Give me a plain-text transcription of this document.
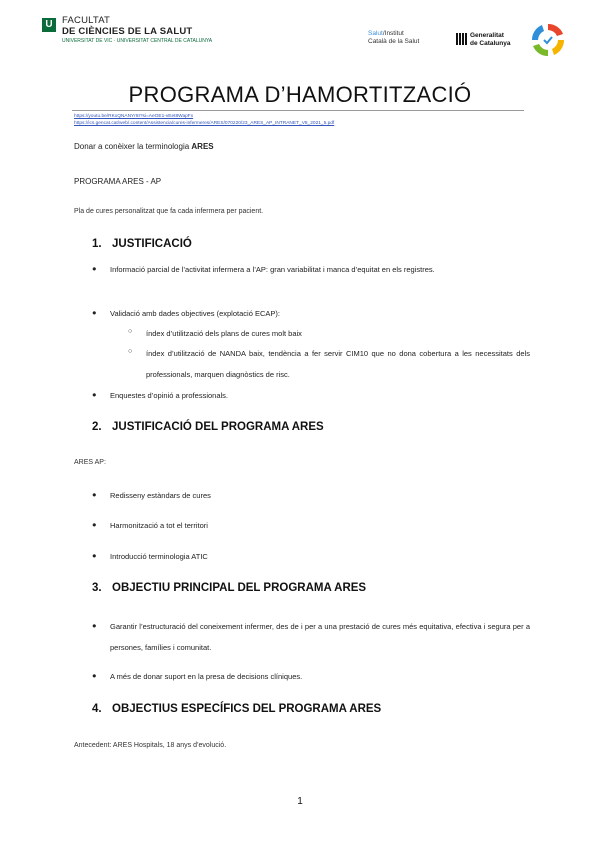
U FACULTAT
DE CIÈNCIES DE LA SALUT
UNIVERSITAT DE VIC · UNIVERSITAT CENTRAL DE CATALUNYA
Salut/Institut
Català de la Salut
Generalitat
de Catalunya
PROGRAMA D’HAMORTITZACIÓ
https://youtu.be/RKxQNANYr8I?si=AeOE1-vEet8WapFx
https://ics.gencat.cat/web/.content/Assistencia/cures-infermeres/ARES/070220/23_ARES_AP_INTRANET_V8_2021_5.pdf
Donar a conèixer la terminologia ARES
PROGRAMA ARES - AP
Pla de cures personalitzat que fa cada infermera per pacient.
1. JUSTIFICACIÓ
● Informació parcial de l’activitat infermera a l’AP: gran variabilitat i manca d’equitat en els registres.
● Validació amb dades objectives (explotació ECAP):
○ índex d’utilització dels plans de cures molt baix
○ índex d’utilització de NANDA baix, tendència a fer servir CIM10 que no dona cobertura a les necessitats dels professionals, marquen diagnòstics de risc.
● Enquestes d’opinió a professionals.
2. JUSTIFICACIÓ DEL PROGRAMA ARES
ARES AP:
● Redisseny estàndars de cures
● Harmonització a tot el territori
● Introducció terminologia ATIC
3. OBJECTIU PRINCIPAL DEL PROGRAMA ARES
● Garantir l’estructuració del coneixement infermer, des de i per a una prestació de cures més equitativa, efectiva i segura per a persones, famílies i comunitat.
● A més de donar suport en la presa de decisions clíniques.
4. OBJECTIUS ESPECÍFICS DEL PROGRAMA ARES
Antecedent: ARES Hospitals, 18 anys d’evolució.
1
